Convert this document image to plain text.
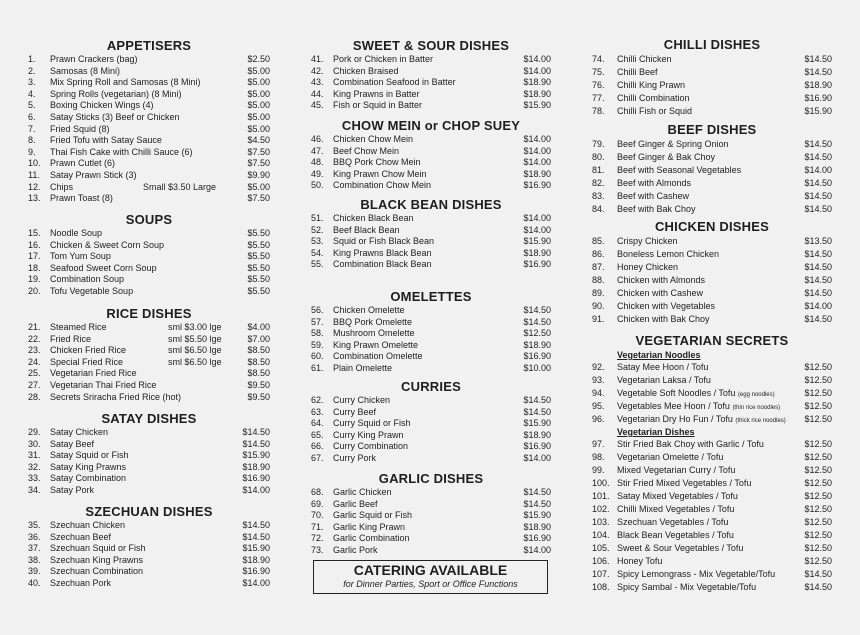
APPETISERS
1. Prawn Crackers (bag)	$2.50
2. Samosas (8 Mini)	$5.00
3. Mix Spring Roll and Samosas (8 Mini)	$5.00
4. Spring Rolls (vegetarian) (8 Mini)	$5.00
5. Boxing Chicken Wings (4)	$5.00
6. Satay Sticks (3) Beef or Chicken	$5.00
7. Fried Squid (8)	$5.00
8. Fried Tofu with Satay Sauce	$4.50
9. Thai Fish Cake with Chilli Sauce (6)	$7.50
10. Prawn Cutlet (6)	$7.50
11. Satay Prawn Stick (3)	$9.90
12. Chips	Small $3.50 Large	$5.00
13. Prawn Toast (8)	$7.50
SOUPS
15. Noodle Soup	$5.50
16. Chicken & Sweet Corn Soup	$5.50
17. Tom Yum Soup	$5.50
18. Seafood Sweet Corn Soup	$5.50
19. Combination Soup	$5.50
20. Tofu Vegetable Soup	$5.50
RICE DISHES
21. Steamed Rice	sml $3.00 lge	$4.00
22. Fried Rice	sml $5.50 lge	$7.00
23. Chicken Fried Rice	sml $6.50 lge	$8.50
24. Special Fried Rice	sml $6.50 lge	$8.50
25. Vegetarian Fried Rice	$8.50
27. Vegetarian Thai Fried Rice	$9.50
28. Secrets Sriracha Fried Rice (hot)	$9.50
SATAY DISHES
29. Satay Chicken	$14.50
30. Satay Beef	$14.50
31. Satay Squid or Fish	$15.90
32. Satay King Prawns	$18.90
33. Satay Combination	$16.90
34. Satay Pork	$14.00
SZECHUAN DISHES
35. Szechuan Chicken	$14.50
36. Szechuan Beef	$14.50
37. Szechuan Squid or Fish	$15.90
38. Szechuan King Prawns	$18.90
39. Szechuan Combination	$16.90
40. Szechuan Pork	$14.00
CATERING AVAILABLE
for Dinner Parties, Sport or Office Functions
SWEET & SOUR DISHES
41. Pork or Chicken in Batter	$14.00
42. Chicken Braised	$14.00
43. Combination Seafood in Batter	$18.90
44. King Prawns in Batter	$18.90
45. Fish or Squid in Batter	$15.90
CHOW MEIN or CHOP SUEY
46. Chicken Chow Mein	$14.00
47. Beef Chow Mein	$14.00
48. BBQ Pork Chow Mein	$14.00
49. King Prawn Chow Mein	$18.90
50. Combination Chow Mein	$16.90
BLACK BEAN DISHES
51. Chicken Black Bean	$14.00
52. Beef Black Bean	$14.00
53. Squid or Fish Black Bean	$15.90
54. King Prawns Black Bean	$18.90
55. Combination Black Bean	$16.90
OMELETTES
56. Chicken Omelette	$14.50
57. BBQ Pork Omelette	$14.50
58. Mushroom Omelette	$12.50
59. King Prawn Omelette	$18.90
60. Combination Omelette	$16.90
61. Plain Omelette	$10.00
CURRIES
62. Curry Chicken	$14.50
63. Curry Beef	$14.50
64. Curry Squid or Fish	$15.90
65. Curry King Prawn	$18.90
66. Curry Combination	$16.90
67. Curry Pork	$14.00
GARLIC DISHES
68. Garlic Chicken	$14.50
69. Garlic Beef	$14.50
70. Garlic Squid or Fish	$15.90
71. Garlic King Prawn	$18.90
72. Garlic Combination	$16.90
73. Garlic Pork	$14.00
CHILLI DISHES
74. Chilli Chicken	$14.50
75. Chilli Beef	$14.50
76. Chilli King Prawn	$18.90
77. Chilli Combination	$16.90
78. Chilli Fish or Squid	$15.90
BEEF DISHES
79. Beef Ginger & Spring Onion	$14.50
80. Beef Ginger & Bak Choy	$14.50
81. Beef with Seasonal Vegetables	$14.00
82. Beef with Almonds	$14.50
83. Beef with Cashew	$14.50
84. Beef with Bak Choy	$14.50
CHICKEN DISHES
85. Crispy Chicken	$13.50
86. Boneless Lemon Chicken	$14.50
87. Honey Chicken	$14.50
88. Chicken with Almonds	$14.50
89. Chicken with Cashew	$14.50
90. Chicken with Vegetables	$14.00
91. Chicken with Bak Choy	$14.50
VEGETARIAN SECRETS
Vegetarian Noodles
92. Satay Mee Hoon / Tofu	$12.50
93. Vegetarian Laksa / Tofu	$12.50
94. Vegetable Soft Noodles / Tofu (egg noodles)	$12.50
95. Vegetables Mee Hoon / Tofu (thin rice noodles)	$12.50
96. Vegetarian Dry Ho Fun / Tofu (thick rice noodles) $12.50
Vegetarian Dishes
97. Stir Fried Bak Choy with Garlic / Tofu	$12.50
98. Vegetarian Omelette / Tofu	$12.50
99. Mixed Vegetarian Curry / Tofu	$12.50
100. Stir Fried Mixed Vegetables / Tofu	$12.50
101. Satay Mixed Vegetables / Tofu	$12.50
102. Chilli Mixed Vegetables / Tofu	$12.50
103. Szechuan Vegetables / Tofu	$12.50
104. Black Bean Vegetables / Tofu	$12.50
105. Sweet & Sour Vegetables / Tofu	$12.50
106. Honey Tofu	$12.50
107. Spicy Lemongrass - Mix Vegetable/Tofu	$14.50
108. Spicy Sambal - Mix Vegetable/Tofu	$14.50
